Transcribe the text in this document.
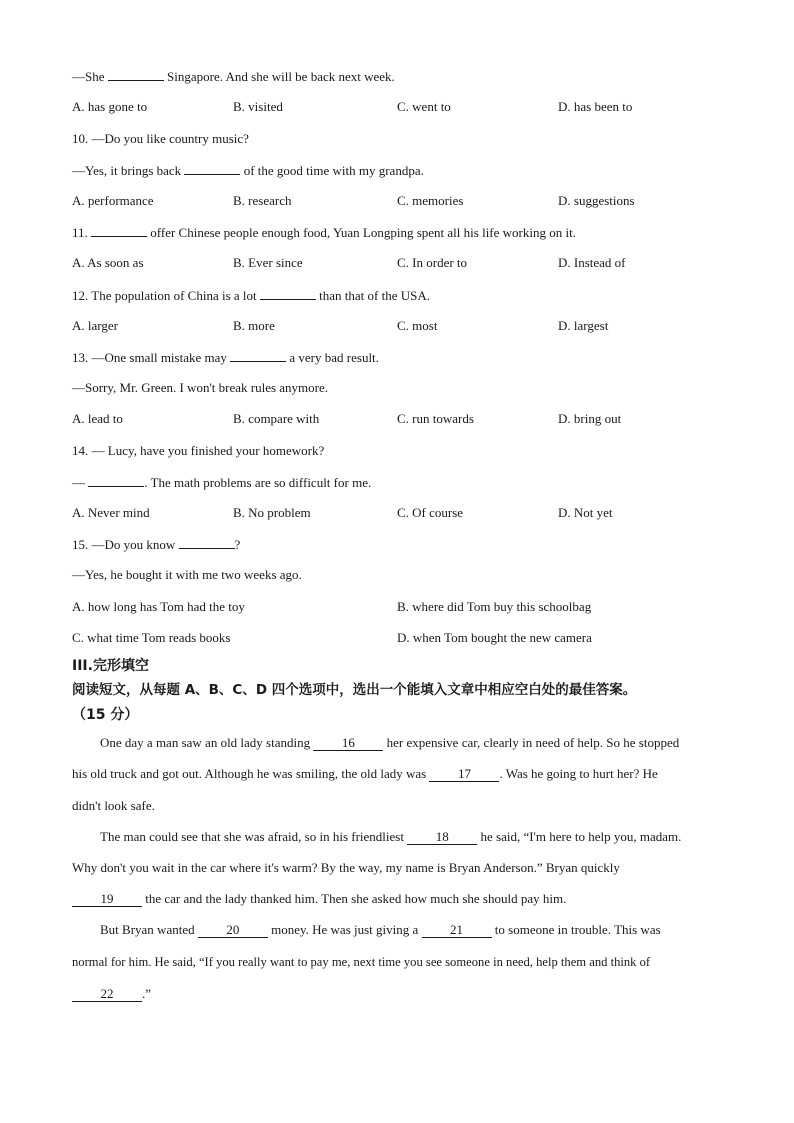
—She	Singapore. And she will be back next week.
A. has gone to	B. visited	C. went to	D. has been to
10. —Do you like country music?
—Yes, it brings back	of the good time with my grandpa.
A. performance	B. research	C. memories	D. suggestions
11.	offer Chinese people enough food, Yuan Longping spent all his life working on it.
A. As soon as	B. Ever since	C. In order to	D. Instead of
12. The population of China is a lot	than that of the USA.
A. larger	B. more	C. most	D. largest
13. —One small mistake may	a very bad result.
—Sorry, Mr. Green. I won't break rules anymore.
A. lead to	B. compare with	C. run towards	D. bring out
14. — Lucy, have you finished your homework?
—	. The math problems are so difficult for me.
A. Never mind	B. No problem	C. Of course	D. Not yet
15. —Do you know	?
—Yes, he bought it with me two weeks ago.
A. how long has Tom had the toy	B. where did Tom buy this schoolbag
C. what time Tom reads books	D. when Tom bought the new camera
III.完形填空
阅读短文，从每题 A、B、C、D 四个选项中，选出一个能填入文章中相应空白处的最佳答案。
（15 分）
One day a man saw an old lady standing 16 her expensive car, clearly in need of help. So he stopped
his old truck and got out. Although he was smiling, the old lady was 17 . Was he going to hurt her? He
didn't look safe.
The man could see that she was afraid, so in his friendliest 18 he said, “I'm here to help you, madam.
Why don't you wait in the car where it's warm? By the way, my name is Bryan Anderson.” Bryan quickly
19 the car and the lady thanked him. Then she asked how much she should pay him.
But Bryan wanted 20 money. He was just giving a 21 to someone in trouble. This was
normal for him. He said, “If you really want to pay me, next time you see someone in need, help them and think of
22 .”
